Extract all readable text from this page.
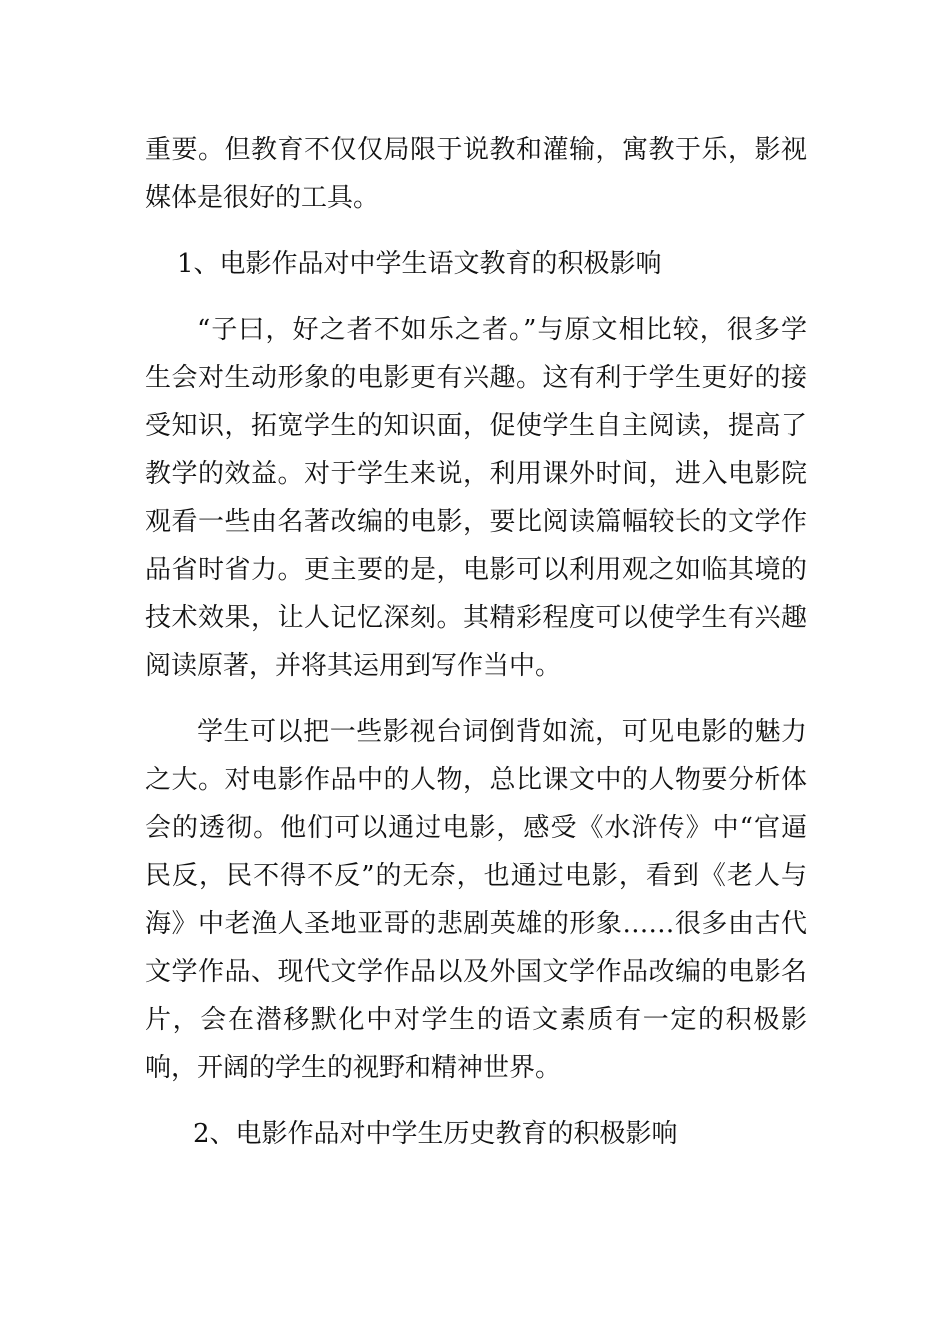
重要。但教育不仅仅局限于说教和灌输，寓教于乐，影视媒体是很好的工具。

1、电影作品对中学生语文教育的积极影响

“子曰，好之者不如乐之者。”与原文相比较，很多学生会对生动形象的电影更有兴趣。这有利于学生更好的接受知识，拓宽学生的知识面，促使学生自主阅读，提高了教学的效益。对于学生来说，利用课外时间，进入电影院观看一些由名著改编的电影，要比阅读篇幅较长的文学作品省时省力。更主要的是，电影可以利用观之如临其境的技术效果，让人记忆深刻。其精彩程度可以使学生有兴趣阅读原著，并将其运用到写作当中。

学生可以把一些影视台词倒背如流，可见电影的魅力之大。对电影作品中的人物，总比课文中的人物要分析体会的透彻。他们可以通过电影，感受《水浒传》中“官逼民反，民不得不反”的无奈，也通过电影，看到《老人与海》中老渔人圣地亚哥的悲剧英雄的形象……很多由古代文学作品、现代文学作品以及外国文学作品改编的电影名片，会在潜移默化中对学生的语文素质有一定的积极影响，开阔的学生的视野和精神世界。

2、电影作品对中学生历史教育的积极影响
